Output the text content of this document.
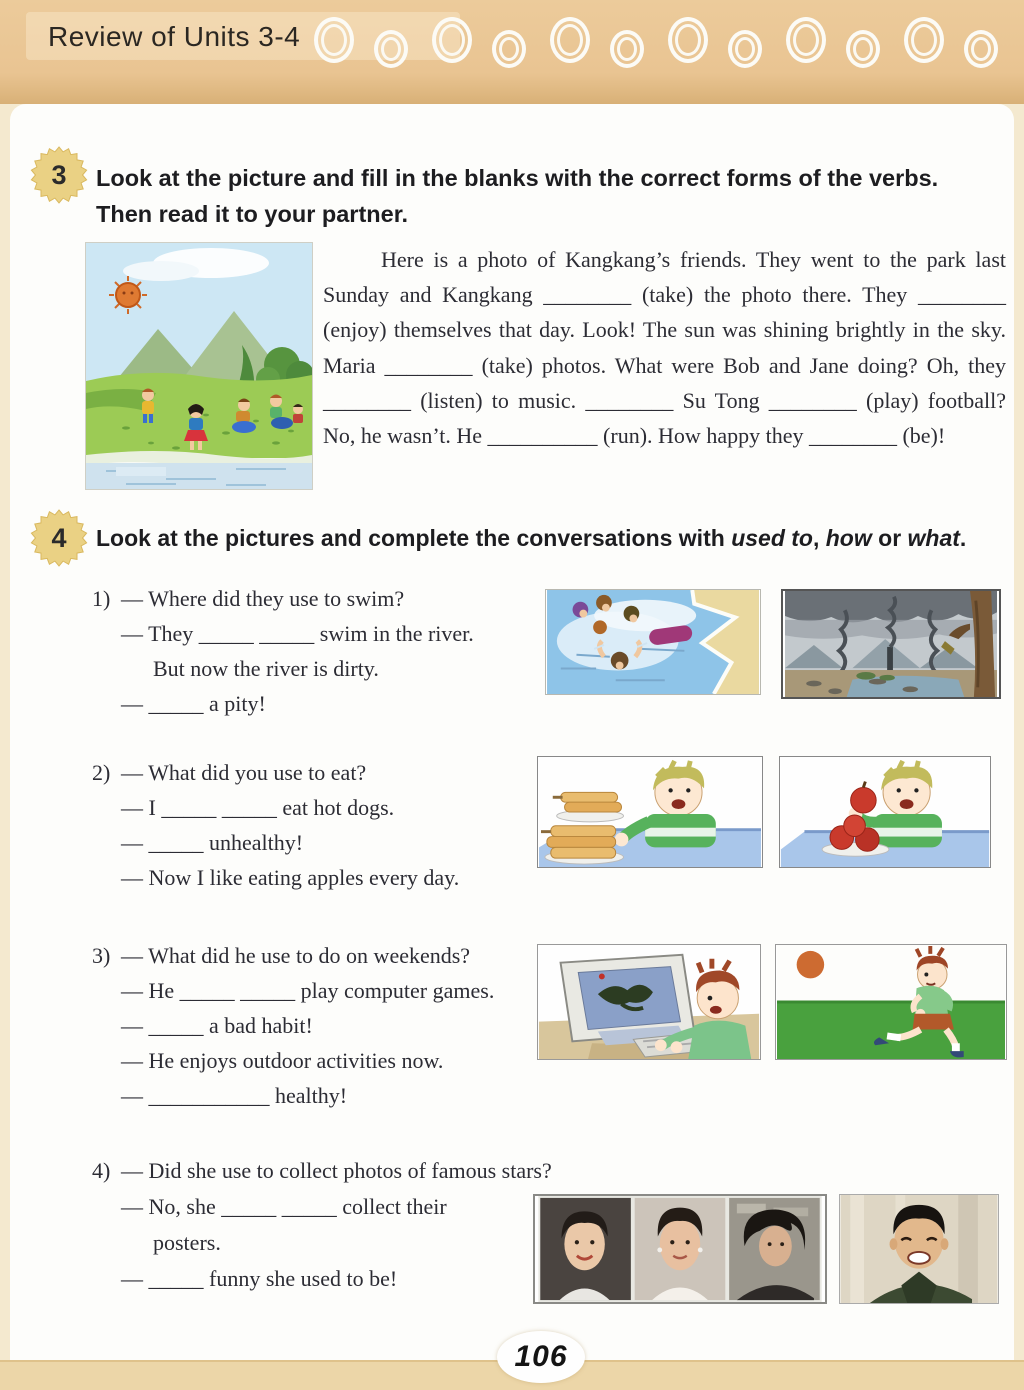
Review of Units 3-4
3	Look at the picture and fill in the blanks with the correct forms of the verbs.
Then read it to your partner.

Here is a photo of Kangkang’s friends. They went to the park last Sunday and Kangkang ________ (take) the photo there. They ________ (enjoy) themselves that day. Look! The sun was shining brightly in the sky. Maria ________ (take) photos. What were Bob and Jane doing? Oh, they ________ (listen) to music. ________ Su Tong ________ (play) football? No, he wasn’t. He __________ (run). How happy they ________ (be)!

4	Look at the pictures and complete the conversations with used to, how or what.
1) — Where did they use to swim?
— They _____ _____ swim in the river.
But now the river is dirty.
— _____ a pity!
2) — What did you use to eat?
— I _____ _____ eat hot dogs.
— _____ unhealthy!
— Now I like eating apples every day.
3) — What did he use to do on weekends?
— He _____ _____ play computer games.
— _____ a bad habit!
— He enjoys outdoor activities now.
— ___________ healthy!
4) — Did she use to collect photos of famous stars?
— No, she _____ _____ collect their
posters.
— _____ funny she used to be!
106
